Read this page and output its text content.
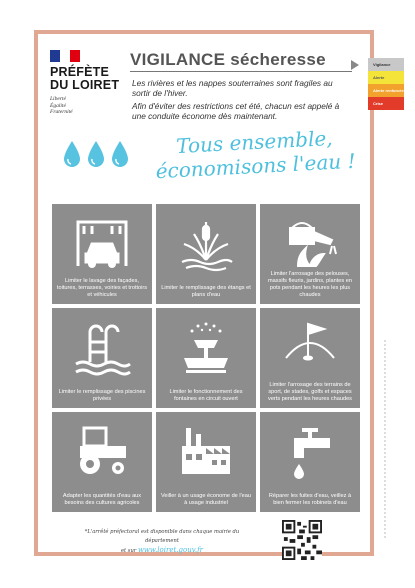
PRÉFÈTE
DU LOIRET
Liberté
Égalité
Fraternité
VIGILANCE sécheresse

Les rivières et les nappes souterraines sont fragiles au sortir de l'hiver.

Afin d'éviter des restrictions cet été, chacun est appelé à une conduite économe dès maintenant.

Vigilance
Alerte
Alerte renforcée
Crise
Tous ensemble,
économisons l'eau !
Limiter le lavage des façades, toitures, terrasses, voiries et trottoirs et véhicules
Limiter le remplissage des étangs et plans d'eau
Limiter l'arrosage des pelouses, massifs fleuris, jardins, plantes en pots pendant les heures les plus chaudes
Limiter le remplissage des piscines privées
Limiter le fonctionnement des fontaines en circuit ouvert
Limiter l'arrosage des terrains de sport, de stades, golfs et espaces verts pendant les heures chaudes
Adapter les quantités d'eau aux besoins des cultures agricoles
Veiller à un usage économe de l'eau à usage industriel
Réparer les fuites d'eau, veillez à bien fermer les robinets d'eau
*L'arrêté préfectoral est disponible dans chaque mairie du département
et sur www.loiret.gouv.fr
